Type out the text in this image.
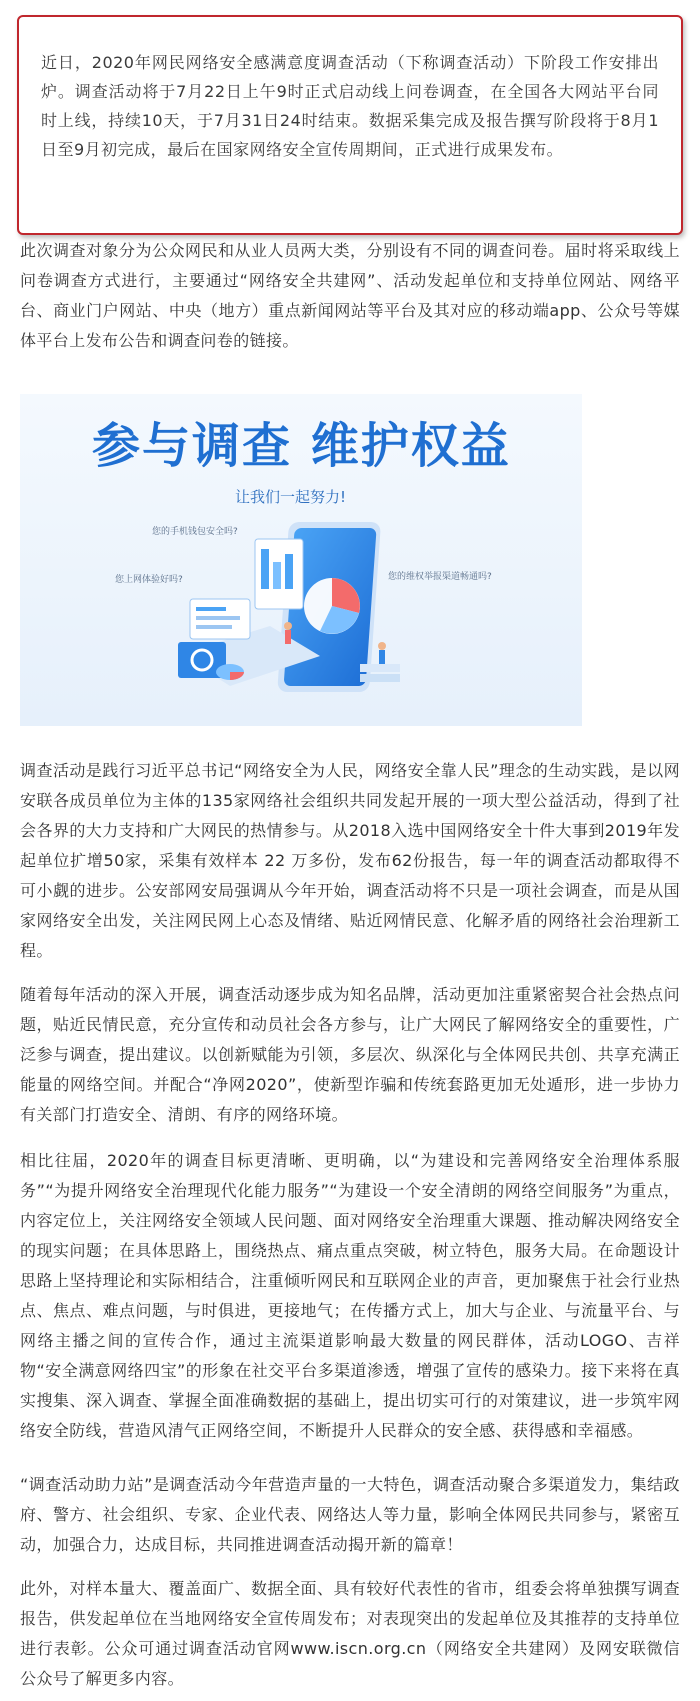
近日，2020年网民网络安全感满意度调查活动（下称调查活动）下阶段工作安排出炉。调查活动将于7月22日上午9时正式启动线上问卷调查，在全国各大网站平台同时上线，持续10天，于7月31日24时结束。数据采集完成及报告撰写阶段将于8月1日至9月初完成，最后在国家网络安全宣传周期间，正式进行成果发布。

此次调查对象分为公众网民和从业人员两大类，分别设有不同的调查问卷。届时将采取线上问卷调查方式进行，主要通过“网络安全共建网”、活动发起单位和支持单位网站、网络平台、商业门户网站、中央（地方）重点新闻网站等平台及其对应的移动端app、公众号等媒体平台上发布公告和调查问卷的链接。

参与调查 维护权益
让我们一起努力!
您的手机钱包安全吗?
您上网体验好吗?	您的维权举报渠道畅通吗?

调查活动是践行习近平总书记“网络安全为人民，网络安全靠人民”理念的生动实践，是以网安联各成员单位为主体的135家网络社会组织共同发起开展的一项大型公益活动，得到了社会各界的大力支持和广大网民的热情参与。从2018入选中国网络安全十件大事到2019年发起单位扩增50家，采集有效样本 22 万多份，发布62份报告，每一年的调查活动都取得不可小觑的进步。公安部网安局强调从今年开始，调查活动将不只是一项社会调查，而是从国家网络安全出发，关注网民网上心态及情绪、贴近网情民意、化解矛盾的网络社会治理新工程。

随着每年活动的深入开展，调查活动逐步成为知名品牌，活动更加注重紧密契合社会热点问题，贴近民情民意，充分宣传和动员社会各方参与，让广大网民了解网络安全的重要性，广泛参与调查，提出建议。以创新赋能为引领，多层次、纵深化与全体网民共创、共享充满正能量的网络空间。并配合“净网2020”，使新型诈骗和传统套路更加无处遁形，进一步协力有关部门打造安全、清朗、有序的网络环境。

相比往届，2020年的调查目标更清晰、更明确，以“为建设和完善网络安全治理体系服务”“为提升网络安全治理现代化能力服务”“为建设一个安全清朗的网络空间服务”为重点，内容定位上，关注网络安全领域人民问题、面对网络安全治理重大课题、推动解决网络安全的现实问题；在具体思路上，围绕热点、痛点重点突破，树立特色，服务大局。在命题设计思路上坚持理论和实际相结合，注重倾听网民和互联网企业的声音，更加聚焦于社会行业热点、焦点、难点问题，与时俱进，更接地气；在传播方式上，加大与企业、与流量平台、与网络主播之间的宣传合作，通过主流渠道影响最大数量的网民群体，活动LOGO、吉祥物“安全满意网络四宝”的形象在社交平台多渠道渗透，增强了宣传的感染力。接下来将在真实搜集、深入调查、掌握全面准确数据的基础上，提出切实可行的对策建议，进一步筑牢网络安全防线，营造风清气正网络空间，不断提升人民群众的安全感、获得感和幸福感。

“调查活动助力站”是调查活动今年营造声量的一大特色，调查活动聚合多渠道发力，集结政府、警方、社会组织、专家、企业代表、网络达人等力量，影响全体网民共同参与，紧密互动，加强合力，达成目标，共同推进调查活动揭开新的篇章！

此外，对样本量大、覆盖面广、数据全面、具有较好代表性的省市，组委会将单独撰写调查报告，供发起单位在当地网络安全宣传周发布；对表现突出的发起单位及其推荐的支持单位进行表彰。公众可通过调查活动官网www.iscn.org.cn（网络安全共建网）及网安联微信公众号了解更多内容。
